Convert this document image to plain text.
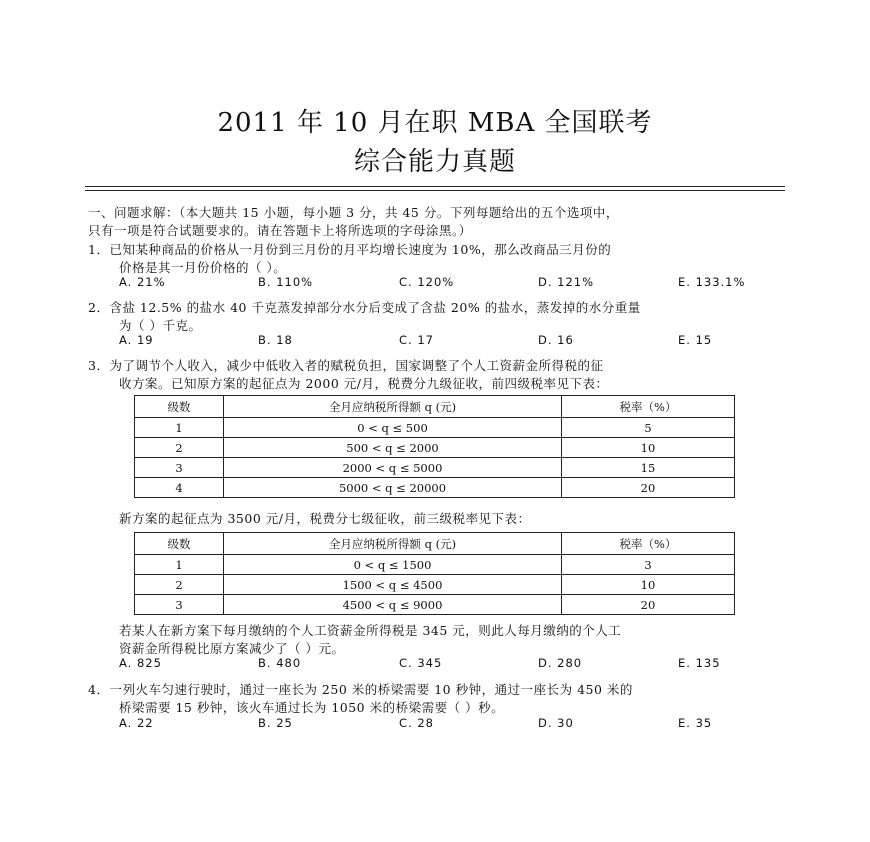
2011 年 10 月在职 MBA 全国联考
综合能力真题
一、问题求解：（本大题共 15 小题，每小题 3 分，共 45 分。下列每题给出的五个选项中，
只有一项是符合试题要求的。请在答题卡上将所选项的字母涂黑。）
1．已知某种商品的价格从一月份到三月份的月平均增长速度为 10%，那么改商品三月份的
价格是其一月份价格的（ ）。
A. 21%	B. 110%	C. 120%	D. 121%	E. 133.1%
2．含盐 12.5% 的盐水 40 千克蒸发掉部分水分后变成了含盐 20% 的盐水，蒸发掉的水分重量
为（ ）千克。
A. 19	B. 18	C. 17	D. 16	E. 15
3．为了调节个人收入，减少中低收入者的赋税负担，国家调整了个人工资薪金所得税的征
收方案。已知原方案的起征点为 2000 元/月，税费分九级征收，前四级税率见下表：
级数	全月应纳税所得额 q (元)	税率（%）
1	0 < q ≤ 500	5
2	500 < q ≤ 2000	10
3	2000 < q ≤ 5000	15
4	5000 < q ≤ 20000	20
新方案的起征点为 3500 元/月，税费分七级征收，前三级税率见下表：
级数	全月应纳税所得额 q (元)	税率（%）
1	0 < q ≤ 1500	3
2	1500 < q ≤ 4500	10
3	4500 < q ≤ 9000	20
若某人在新方案下每月缴纳的个人工资薪金所得税是 345 元，则此人每月缴纳的个人工
资薪金所得税比原方案减少了（ ）元。
A. 825	B. 480	C. 345	D. 280	E. 135
4．一列火车匀速行驶时，通过一座长为 250 米的桥梁需要 10 秒钟，通过一座长为 450 米的
桥梁需要 15 秒钟，该火车通过长为 1050 米的桥梁需要（ ）秒。
A. 22	B. 25	C. 28	D. 30	E. 35
